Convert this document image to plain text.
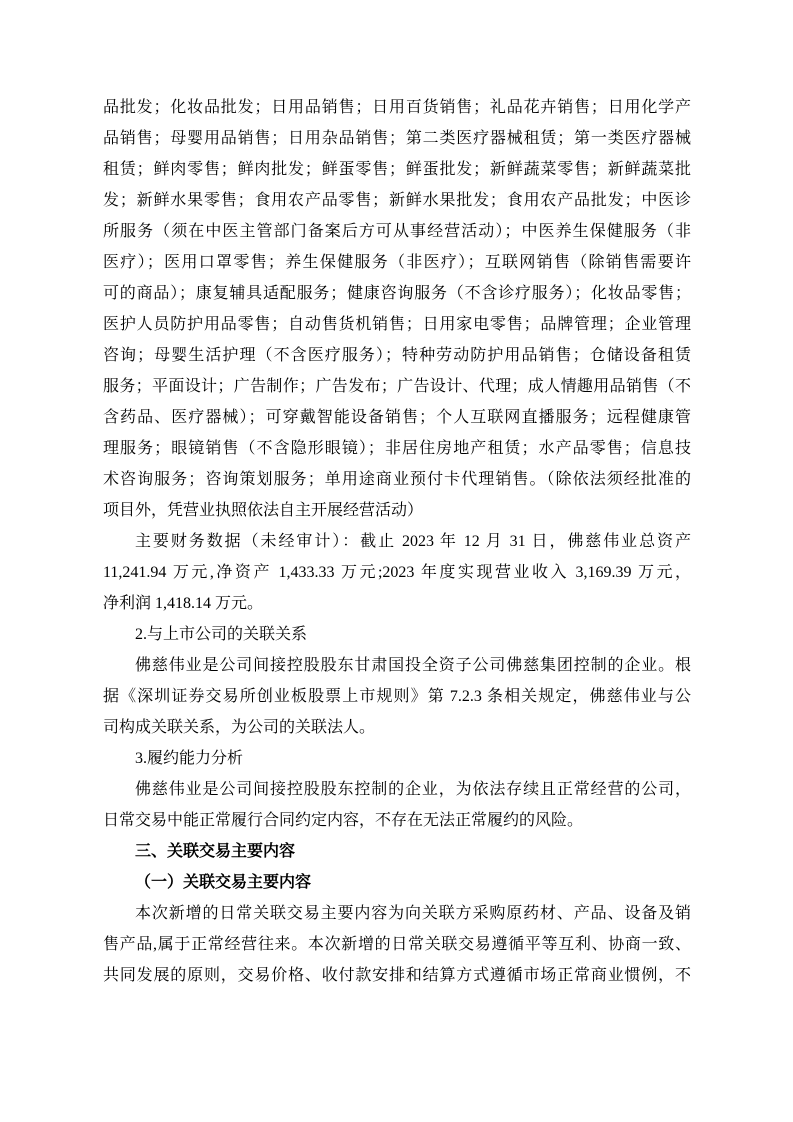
品批发；化妆品批发；日用品销售；日用百货销售；礼品花卉销售；日用化学产
品销售；母婴用品销售；日用杂品销售；第二类医疗器械租赁；第一类医疗器械
租赁；鲜肉零售；鲜肉批发；鲜蛋零售；鲜蛋批发；新鲜蔬菜零售；新鲜蔬菜批
发；新鲜水果零售；食用农产品零售；新鲜水果批发；食用农产品批发；中医诊
所服务（须在中医主管部门备案后方可从事经营活动）；中医养生保健服务（非
医疗）；医用口罩零售；养生保健服务（非医疗）；互联网销售（除销售需要许
可的商品）；康复辅具适配服务；健康咨询服务（不含诊疗服务）；化妆品零售；
医护人员防护用品零售；自动售货机销售；日用家电零售；品牌管理；企业管理
咨询；母婴生活护理（不含医疗服务）；特种劳动防护用品销售；仓储设备租赁
服务；平面设计；广告制作；广告发布；广告设计、代理；成人情趣用品销售（不
含药品、医疗器械）；可穿戴智能设备销售；个人互联网直播服务；远程健康管
理服务；眼镜销售（不含隐形眼镜）；非居住房地产租赁；水产品零售；信息技
术咨询服务；咨询策划服务；单用途商业预付卡代理销售。（除依法须经批准的
项目外，凭营业执照依法自主开展经营活动）
主要财务数据（未经审计）：截止 2023 年 12 月 31 日，佛慈伟业总资产
11,241.94 万元,净资产 1,433.33 万元;2023 年度实现营业收入 3,169.39 万元，
净利润 1,418.14 万元。
2.与上市公司的关联关系
佛慈伟业是公司间接控股股东甘肃国投全资子公司佛慈集团控制的企业。根
据《深圳证券交易所创业板股票上市规则》第 7.2.3 条相关规定，佛慈伟业与公
司构成关联关系，为公司的关联法人。
3.履约能力分析
佛慈伟业是公司间接控股股东控制的企业，为依法存续且正常经营的公司，
日常交易中能正常履行合同约定内容，不存在无法正常履约的风险。
三、关联交易主要内容
（一）关联交易主要内容
本次新增的日常关联交易主要内容为向关联方采购原药材、产品、设备及销
售产品,属于正常经营往来。本次新增的日常关联交易遵循平等互利、协商一致、
共同发展的原则，交易价格、收付款安排和结算方式遵循市场正常商业惯例，不
